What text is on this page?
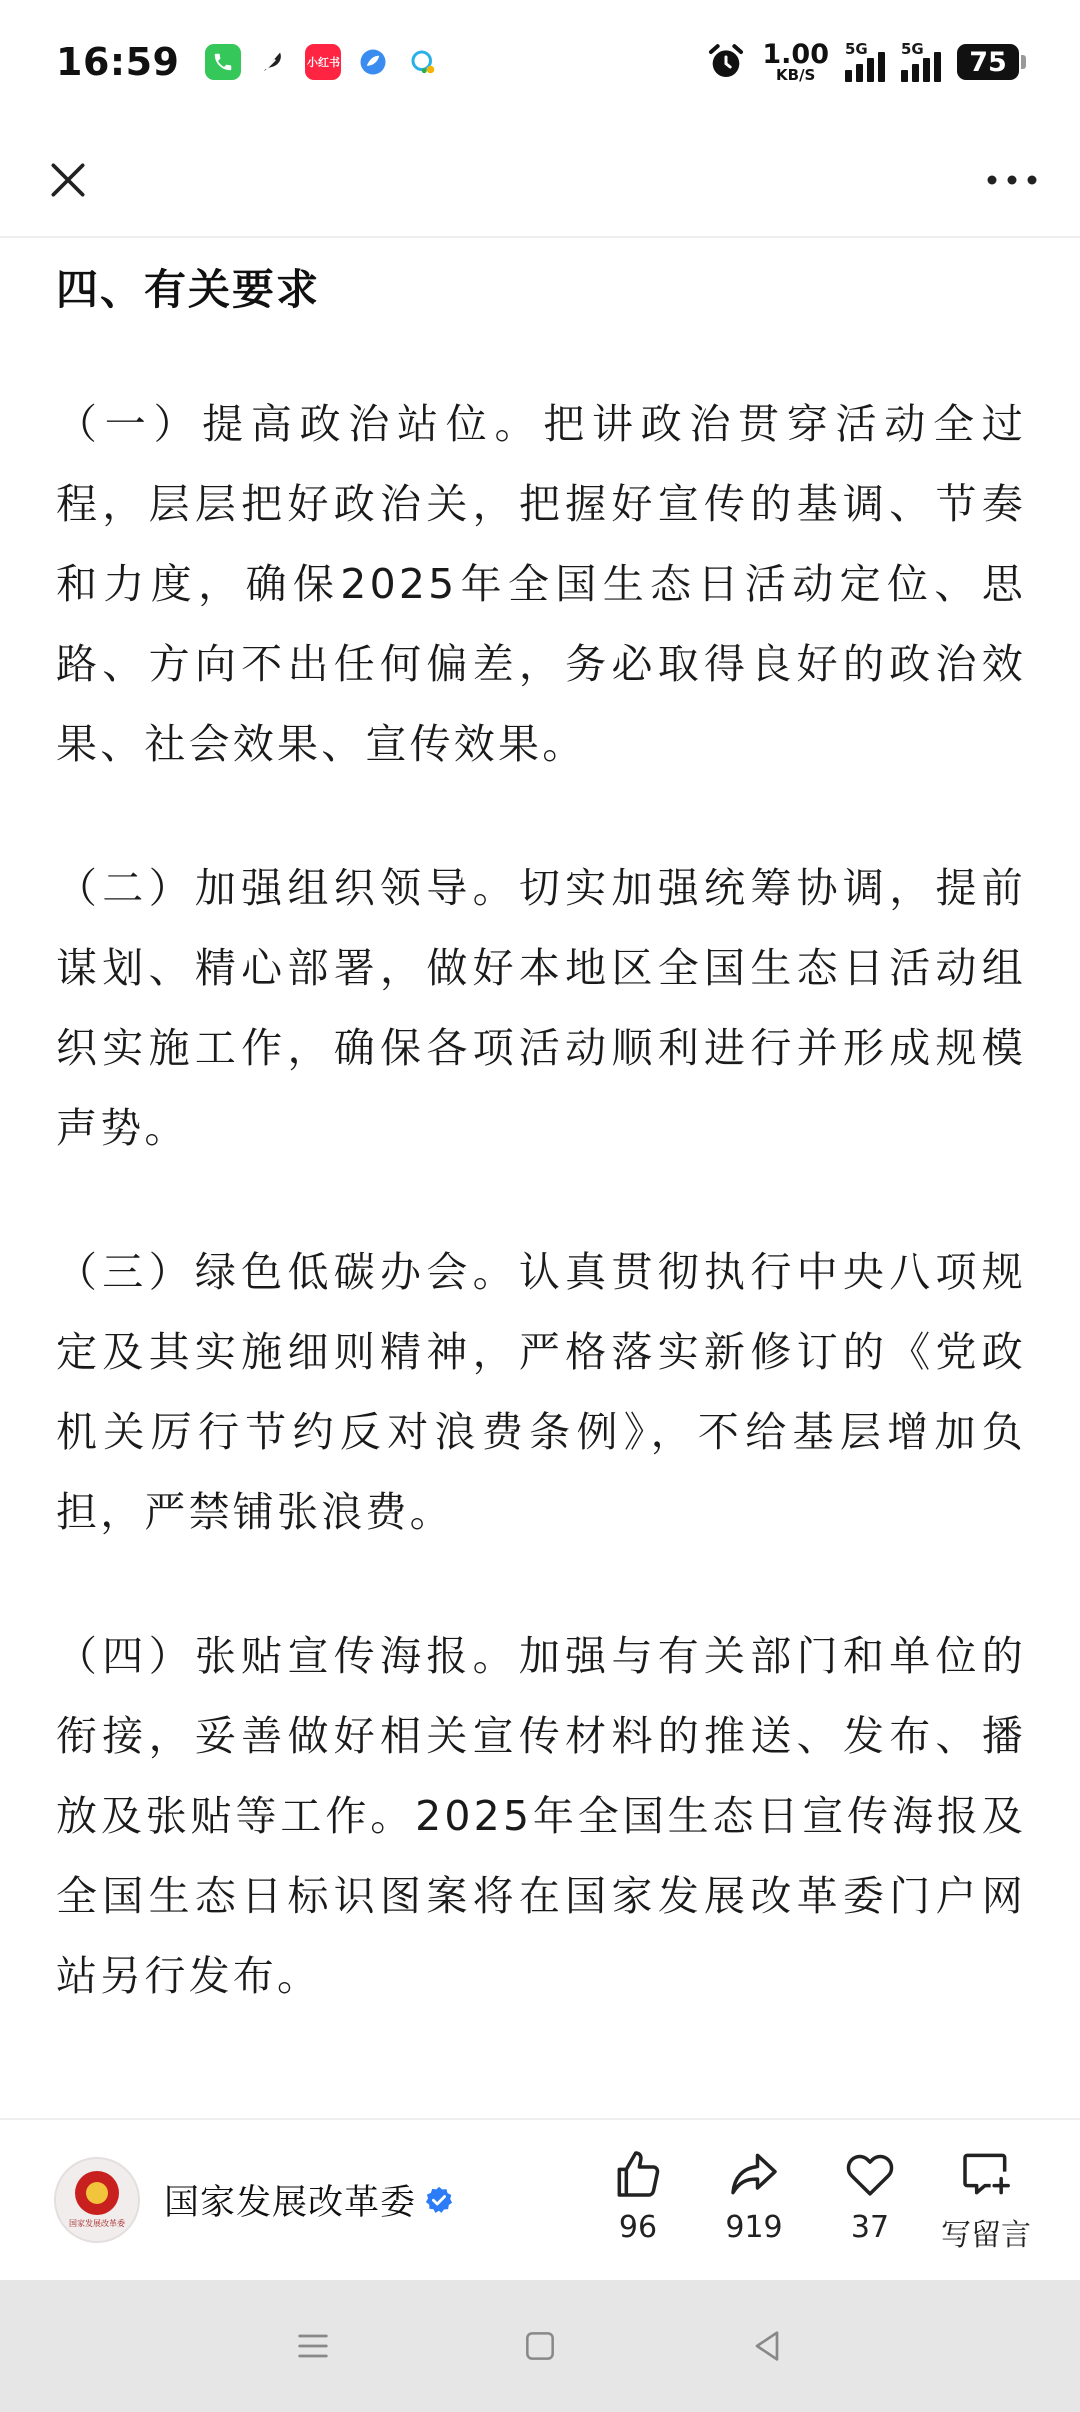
16:59	小红书	1.00
KB/S
5G 5G	75
四、有关要求

（一）提高政治站位。把讲政治贯穿活动全过程，层层把好政治关，把握好宣传的基调、节奏和力度，确保2025年全国生态日活动定位、思路、方向不出任何偏差，务必取得良好的政治效果、社会效果、宣传效果。

（二）加强组织领导。切实加强统筹协调，提前谋划、精心部署，做好本地区全国生态日活动组织实施工作，确保各项活动顺利进行并形成规模声势。

（三）绿色低碳办会。认真贯彻执行中央八项规定及其实施细则精神，严格落实新修订的《党政机关厉行节约反对浪费条例》，不给基层增加负担，严禁铺张浪费。

（四）张贴宣传海报。加强与有关部门和单位的衔接，妥善做好相关宣传材料的推送、发布、播放及张贴等工作。2025年全国生态日宣传海报及全国生态日标识图案将在国家发展改革委门户网站另行发布。

国家发展改革委
国家发展改革委
96 919 37 写留言
